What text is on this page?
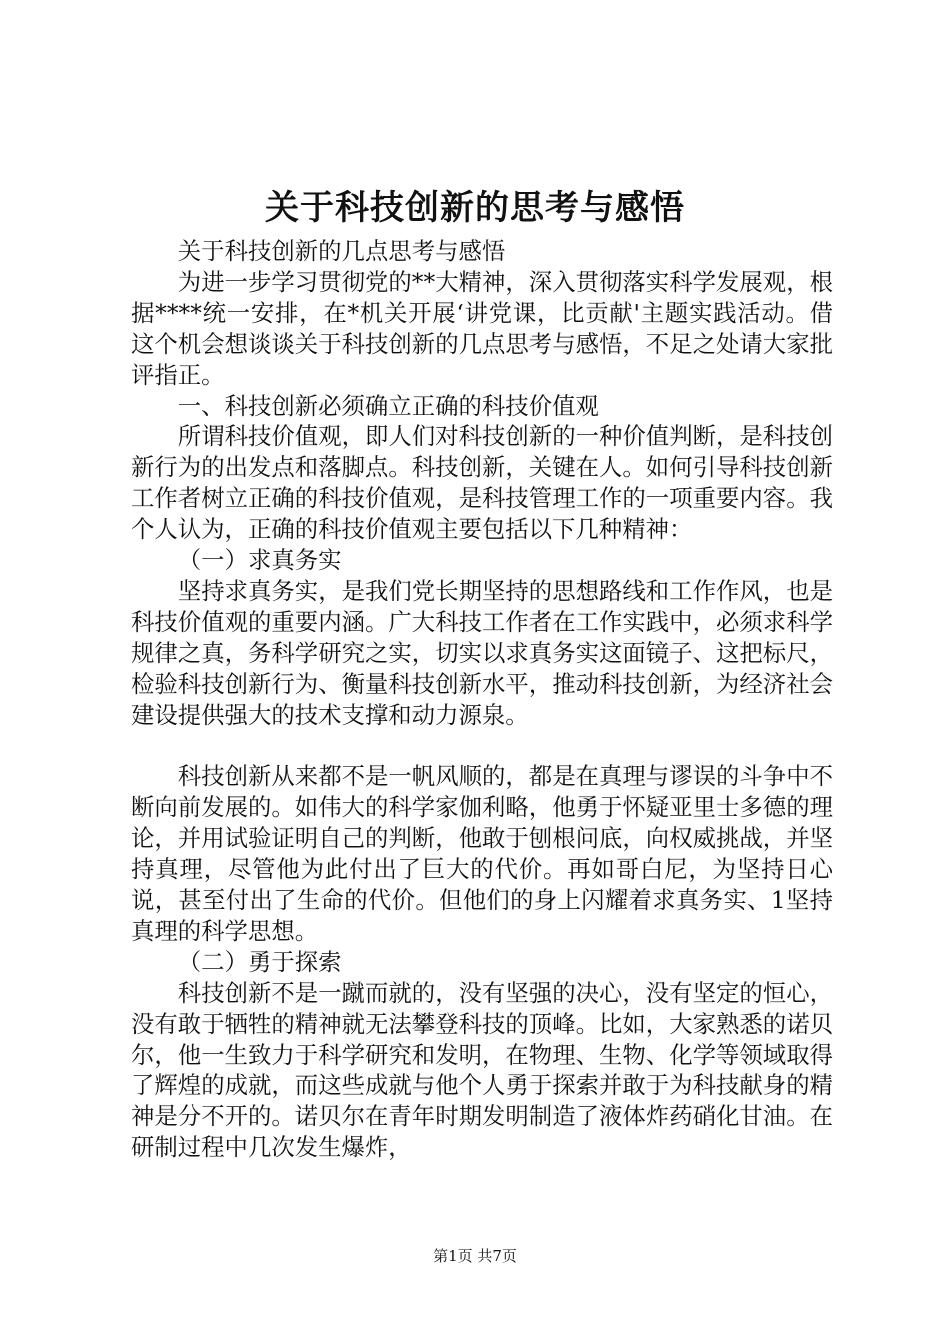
关于科技创新的思考与感悟

关于科技创新的几点思考与感悟

为进一步学习贯彻党的**大精神，深入贯彻落实科学发展观，根据****统一安排，在*机关开展‘讲党课，比贡献'主题实践活动。借这个机会想谈谈关于科技创新的几点思考与感悟，不足之处请大家批评指正。

一、科技创新必须确立正确的科技价值观

所谓科技价值观，即人们对科技创新的一种价值判断，是科技创新行为的出发点和落脚点。科技创新，关键在人。如何引导科技创新工作者树立正确的科技价值观，是科技管理工作的一项重要内容。我个人认为，正确的科技价值观主要包括以下几种精神：

（一）求真务实

坚持求真务实，是我们党长期坚持的思想路线和工作作风，也是科技价值观的重要内涵。广大科技工作者在工作实践中，必须求科学规律之真，务科学研究之实，切实以求真务实这面镜子、这把标尺，检验科技创新行为、衡量科技创新水平，推动科技创新，为经济社会建设提供强大的技术支撑和动力源泉。

科技创新从来都不是一帆风顺的，都是在真理与谬误的斗争中不断向前发展的。如伟大的科学家伽利略，他勇于怀疑亚里士多德的理论，并用试验证明自己的判断，他敢于刨根问底，向权威挑战，并坚持真理，尽管他为此付出了巨大的代价。再如哥白尼，为坚持日心说，甚至付出了生命的代价。但他们的身上闪耀着求真务实、1坚持真理的科学思想。

（二）勇于探索

科技创新不是一蹴而就的，没有坚强的决心，没有坚定的恒心，没有敢于牺牲的精神就无法攀登科技的顶峰。比如，大家熟悉的诺贝尔，他一生致力于科学研究和发明，在物理、生物、化学等领域取得了辉煌的成就，而这些成就与他个人勇于探索并敢于为科技献身的精神是分不开的。诺贝尔在青年时期发明制造了液体炸药硝化甘油。在研制过程中几次发生爆炸，

第1页 共7页
